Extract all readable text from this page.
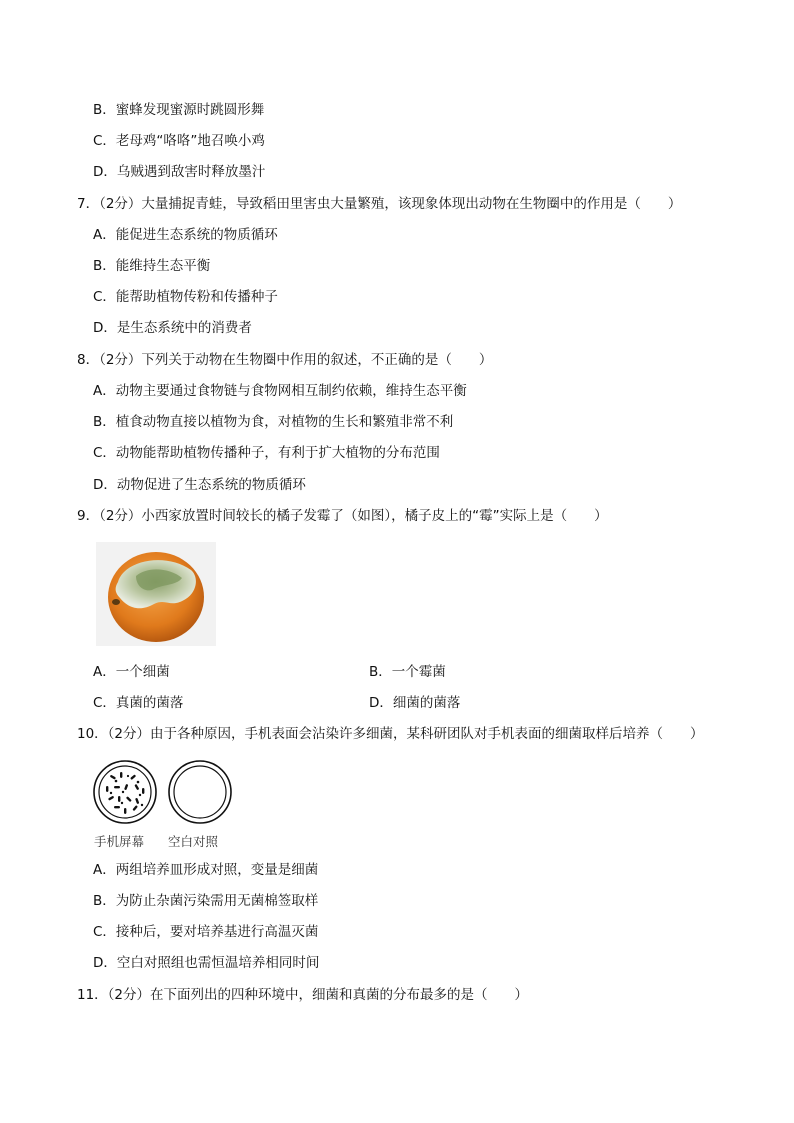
B．蜜蜂发现蜜源时跳圆形舞
C．老母鸡“咯咯”地召唤小鸡
D．乌贼遇到敌害时释放墨汁
7．（2分）大量捕捉青蛙，导致稻田里害虫大量繁殖，该现象体现出动物在生物圈中的作用是（　　）
A．能促进生态系统的物质循环
B．能维持生态平衡
C．能帮助植物传粉和传播种子
D．是生态系统中的消费者
8．（2分）下列关于动物在生物圈中作用的叙述，不正确的是（　　）
A．动物主要通过食物链与食物网相互制约依赖，维持生态平衡
B．植食动物直接以植物为食，对植物的生长和繁殖非常不利
C．动物能帮助植物传播种子，有利于扩大植物的分布范围
D．动物促进了生态系统的物质循环
9．（2分）小西家放置时间较长的橘子发霉了（如图），橘子皮上的“霉”实际上是（　　）
A．一个细菌	B．一个霉菌
C．真菌的菌落	D．细菌的菌落
10．（2分）由于各种原因，手机表面会沾染许多细菌，某科研团队对手机表面的细菌取样后培养（　　）
手机屏幕 空白对照
A．两组培养皿形成对照，变量是细菌
B．为防止杂菌污染需用无菌棉签取样
C．接种后，要对培养基进行高温灭菌
D．空白对照组也需恒温培养相同时间
11．（2分）在下面列出的四种环境中，细菌和真菌的分布最多的是（　　）
